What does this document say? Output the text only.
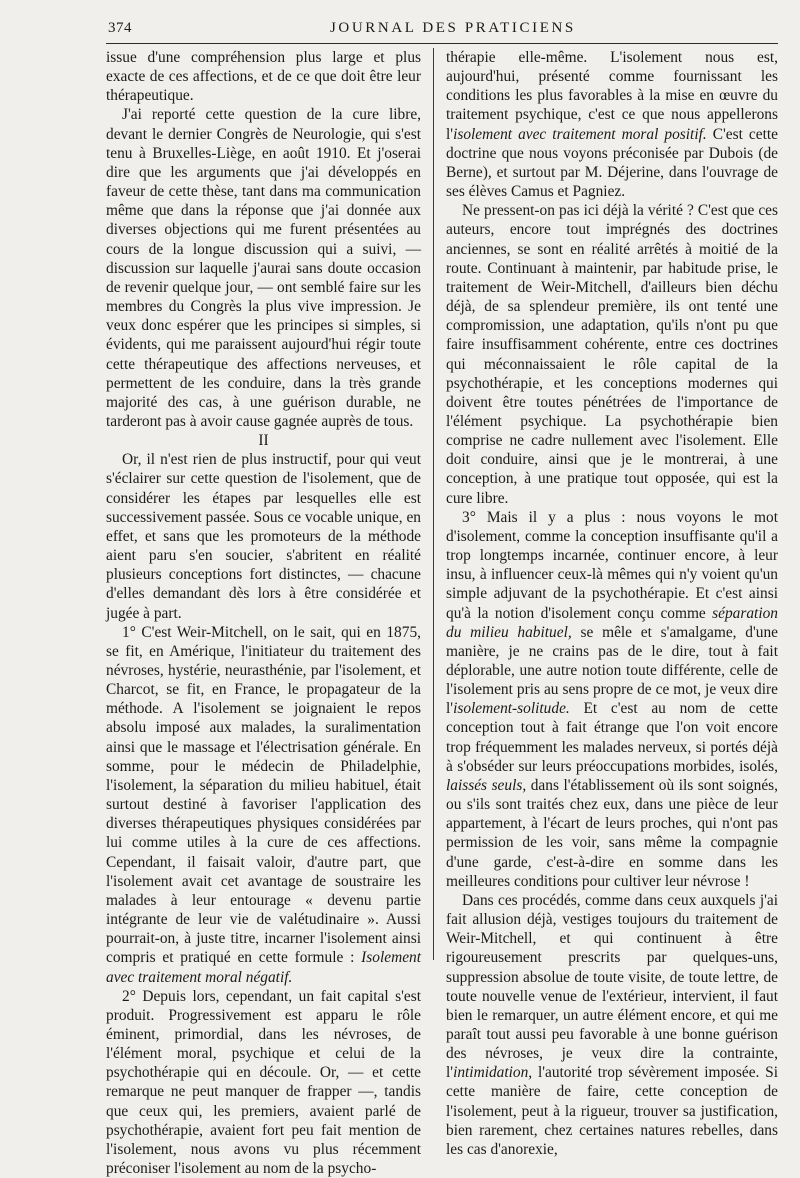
374	JOURNAL DES PRATICIENS

issue d'une compréhension plus large et plus exacte de ces affections, et de ce que doit être leur thérapeutique.

J'ai reporté cette question de la cure libre, devant le dernier Congrès de Neurologie, qui s'est tenu à Bruxelles-Liège, en août 1910. Et j'oserai dire que les arguments que j'ai développés en faveur de cette thèse, tant dans ma communication même que dans la réponse que j'ai donnée aux diverses objections qui me furent présentées au cours de la longue discussion qui a suivi, — discussion sur laquelle j'aurai sans doute occasion de revenir quelque jour, — ont semblé faire sur les membres du Congrès la plus vive impression. Je veux donc espérer que les principes si simples, si évidents, qui me paraissent aujourd'hui régir toute cette thérapeutique des affections nerveuses, et permettent de les conduire, dans la très grande majorité des cas, à une guérison durable, ne tarderont pas à avoir cause gagnée auprès de tous.

II

Or, il n'est rien de plus instructif, pour qui veut s'éclairer sur cette question de l'isolement, que de considérer les étapes par lesquelles elle est successivement passée. Sous ce vocable unique, en effet, et sans que les promoteurs de la méthode aient paru s'en soucier, s'abritent en réalité plusieurs conceptions fort distinctes, — chacune d'elles demandant dès lors à être considérée et jugée à part.

1° C'est Weir-Mitchell, on le sait, qui en 1875, se fit, en Amérique, l'initiateur du traitement des névroses, hystérie, neurasthénie, par l'isolement, et Charcot, se fit, en France, le propagateur de la méthode. A l'isolement se joignaient le repos absolu imposé aux malades, la suralimentation ainsi que le massage et l'électrisation générale. En somme, pour le médecin de Philadelphie, l'isolement, la séparation du milieu habituel, était surtout destiné à favoriser l'application des diverses thérapeutiques physiques considérées par lui comme utiles à la cure de ces affections. Cependant, il faisait valoir, d'autre part, que l'isolement avait cet avantage de soustraire les malades à leur entourage « devenu partie intégrante de leur vie de valétudinaire ». Aussi pourrait-on, à juste titre, incarner l'isolement ainsi compris et pratiqué en cette formule : Isolement avec traitement moral négatif.

2° Depuis lors, cependant, un fait capital s'est produit. Progressivement est apparu le rôle éminent, primordial, dans les névroses, de l'élément moral, psychique et celui de la psychothérapie qui en découle. Or, — et cette remarque ne peut manquer de frapper —, tandis que ceux qui, les premiers, avaient parlé de psychothérapie, avaient fort peu fait mention de l'isolement, nous avons vu plus récemment préconiser l'isolement au nom de la psycho-

thérapie elle-même. L'isolement nous est, aujourd'hui, présenté comme fournissant les conditions les plus favorables à la mise en œuvre du traitement psychique, c'est ce que nous appellerons l'isolement avec traitement moral positif. C'est cette doctrine que nous voyons préconisée par Dubois (de Berne), et surtout par M. Déjerine, dans l'ouvrage de ses élèves Camus et Pagniez.

Ne pressent-on pas ici déjà la vérité ? C'est que ces auteurs, encore tout imprégnés des doctrines anciennes, se sont en réalité arrêtés à moitié de la route. Continuant à maintenir, par habitude prise, le traitement de Weir-Mitchell, d'ailleurs bien déchu déjà, de sa splendeur première, ils ont tenté une compromission, une adaptation, qu'ils n'ont pu que faire insuffisamment cohérente, entre ces doctrines qui méconnaissaient le rôle capital de la psychothérapie, et les conceptions modernes qui doivent être toutes pénétrées de l'importance de l'élément psychique. La psychothérapie bien comprise ne cadre nullement avec l'isolement. Elle doit conduire, ainsi que je le montrerai, à une conception, à une pratique tout opposée, qui est la cure libre.

3° Mais il y a plus : nous voyons le mot d'isolement, comme la conception insuffisante qu'il a trop longtemps incarnée, continuer encore, à leur insu, à influencer ceux-là mêmes qui n'y voient qu'un simple adjuvant de la psychothérapie. Et c'est ainsi qu'à la notion d'isolement conçu comme séparation du milieu habituel, se mêle et s'amalgame, d'une manière, je ne crains pas de le dire, tout à fait déplorable, une autre notion toute différente, celle de l'isolement pris au sens propre de ce mot, je veux dire l'isolement-solitude. Et c'est au nom de cette conception tout à fait étrange que l'on voit encore trop fréquemment les malades nerveux, si portés déjà à s'obséder sur leurs préoccupations morbides, isolés, laissés seuls, dans l'établissement où ils sont soignés, ou s'ils sont traités chez eux, dans une pièce de leur appartement, à l'écart de leurs proches, qui n'ont pas permission de les voir, sans même la compagnie d'une garde, c'est-à-dire en somme dans les meilleures conditions pour cultiver leur névrose !

Dans ces procédés, comme dans ceux auxquels j'ai fait allusion déjà, vestiges toujours du traitement de Weir-Mitchell, et qui continuent à être rigoureusement prescrits par quelques-uns, suppression absolue de toute visite, de toute lettre, de toute nouvelle venue de l'extérieur, intervient, il faut bien le remarquer, un autre élément encore, et qui me paraît tout aussi peu favorable à une bonne guérison des névroses, je veux dire la contrainte, l'intimidation, l'autorité trop sévèrement imposée. Si cette manière de faire, cette conception de l'isolement, peut à la rigueur, trouver sa justification, bien rarement, chez certaines natures rebelles, dans les cas d'anorexie,
